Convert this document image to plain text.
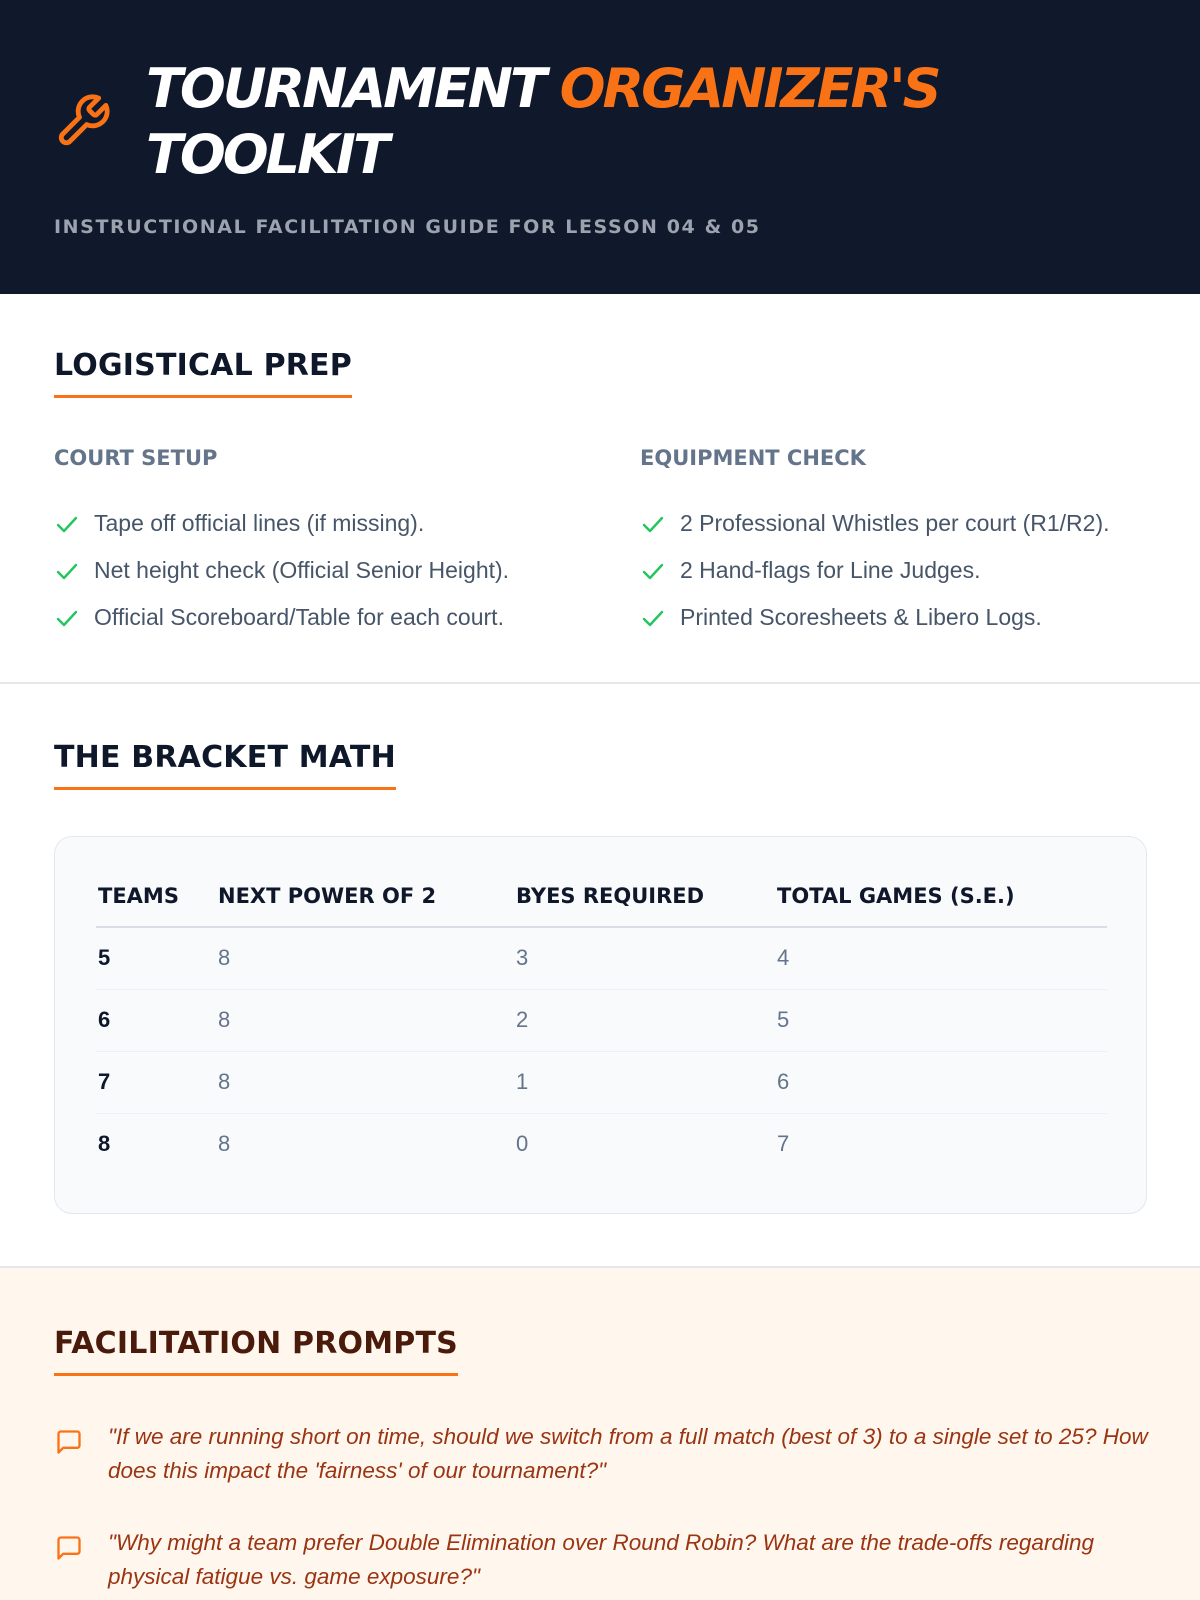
TOURNAMENT ORGANIZER'S
TOOLKIT
INSTRUCTIONAL FACILITATION GUIDE FOR LESSON 04 & 05
LOGISTICAL PREP
COURT SETUP
Tape off official lines (if missing).
Net height check (Official Senior Height).
Official Scoreboard/Table for each court.
EQUIPMENT CHECK
2 Professional Whistles per court (R1/R2).
2 Hand-flags for Line Judges.
Printed Scoresheets & Libero Logs.
THE BRACKET MATH
TEAMS	NEXT POWER OF 2	BYES REQUIRED	TOTAL GAMES (S.E.)
5	8	3	4
6	8	2	5
7	8	1	6
8	8	0	7
FACILITATION PROMPTS
"If we are running short on time, should we switch from a full match (best of 3) to a single set to 25? How does this impact the 'fairness' of our tournament?"
"Why might a team prefer Double Elimination over Round Robin? What are the trade-offs regarding physical fatigue vs. game exposure?"
